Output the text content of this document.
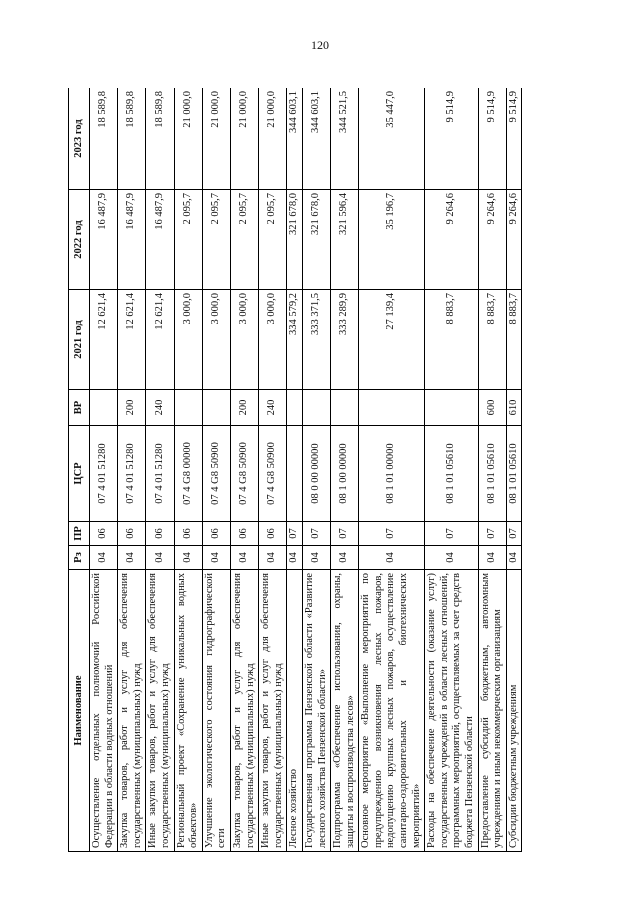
120
Наименование	Рз	ПР	ЦСР	ВР	2021 год	2022 год	2023 год
Осуществление отдельных полномочий Российской Федерации в области водных отношений	04	06	07 4 01 51280		12 621,4	16 487,9	18 589,8
Закупка товаров, работ и услуг для обеспечения государственных (муниципальных) нужд	04	06	07 4 01 51280	200	12 621,4	16 487,9	18 589,8
Иные закупки товаров, работ и услуг для обеспечения государственных (муниципальных) нужд	04	06	07 4 01 51280	240	12 621,4	16 487,9	18 589,8
Региональный проект «Сохранение уникальных водных объектов»	04	06	07 4 G8 00000		3 000,0	2 095,7	21 000,0
Улучшение экологического состояния гидрографической сети	04	06	07 4 G8 50900		3 000,0	2 095,7	21 000,0
Закупка товаров, работ и услуг для обеспечения государственных (муниципальных) нужд	04	06	07 4 G8 50900	200	3 000,0	2 095,7	21 000,0
Иные закупки товаров, работ и услуг для обеспечения государственных (муниципальных) нужд	04	06	07 4 G8 50900	240	3 000,0	2 095,7	21 000,0
Лесное хозяйство	04	07			334 579,2	321 678,0	344 603,1
Государственная программа Пензенской области «Развитие лесного хозяйства Пензенской области»	04	07	08 0 00 00000		333 371,5	321 678,0	344 603,1
Подпрограмма «Обеспечение использования, охраны, защиты и воспроизводства лесов»	04	07	08 1 00 00000		333 289,9	321 596,4	344 521,5
Основное мероприятие «Выполнение мероприятий по предупреждению возникновения лесных пожаров, недопущению крупных лесных пожаров, осуществление санитарно-оздоровительных и биотехнических мероприятий»	04	07	08 1 01 00000		27 139,4	35 196,7	35 447,0
Расходы на обеспечение деятельности (оказание услуг) государственных учреждений в области лесных отношений, программных мероприятий, осуществляемых за счет средств бюджета Пензенской области	04	07	08 1 01 05610		8 883,7	9 264,6	9 514,9
Предоставление субсидий бюджетным, автономным учреждениям и иным некоммерческим организациям	04	07	08 1 01 05610	600	8 883,7	9 264,6	9 514,9
Субсидии бюджетным учреждениям	04	07	08 1 01 05610	610	8 883,7	9 264,6	9 514,9
